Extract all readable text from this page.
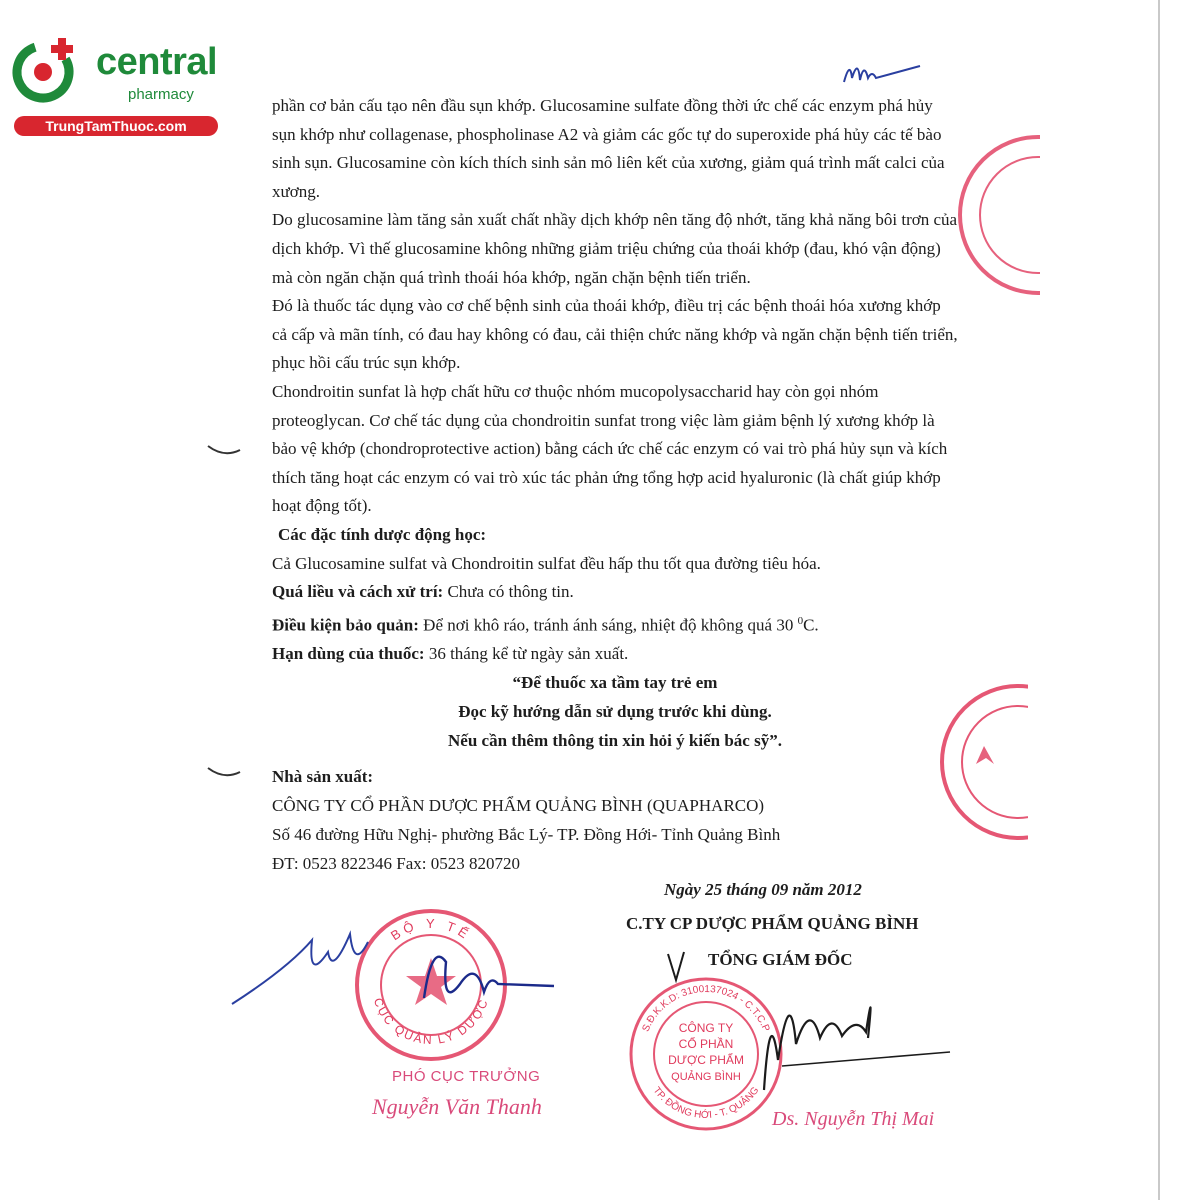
central
pharmacy
TrungTamThuoc.com

phần cơ bản cấu tạo nên đầu sụn khớp. Glucosamine sulfate đồng thời ức chế các enzym phá hủy sụn khớp như collagenase, phospholinase A2 và giảm các gốc tự do superoxide phá hủy các tế bào sinh sụn. Glucosamine còn kích thích sinh sản mô liên kết của xương, giảm quá trình mất calci của xương.

Do glucosamine làm tăng sản xuất chất nhầy dịch khớp nên tăng độ nhớt, tăng khả năng bôi trơn của dịch khớp. Vì thế glucosamine không những giảm triệu chứng của thoái khớp (đau, khó vận động) mà còn ngăn chặn quá trình thoái hóa khớp, ngăn chặn bệnh tiến triển.

Đó là thuốc tác dụng vào cơ chế bệnh sinh của thoái khớp, điều trị các bệnh thoái hóa xương khớp cả cấp và mãn tính, có đau hay không có đau, cải thiện chức năng khớp và ngăn chặn bệnh tiến triển, phục hồi cấu trúc sụn khớp.

Chondroitin sunfat là hợp chất hữu cơ thuộc nhóm mucopolysaccharid hay còn gọi nhóm proteoglycan. Cơ chế tác dụng của chondroitin sunfat trong việc làm giảm bệnh lý xương khớp là bảo vệ khớp (chondroprotective action) bằng cách ức chế các enzym có vai trò phá hủy sụn và kích thích tăng hoạt các enzym có vai trò xúc tác phản ứng tổng hợp acid hyaluronic (là chất giúp khớp hoạt động tốt).

Các đặc tính dược động học:

Cả Glucosamine sulfat và Chondroitin sulfat đều hấp thu tốt qua đường tiêu hóa.

Quá liều và cách xử trí: Chưa có thông tin.

Điều kiện bảo quản: Để nơi khô ráo, tránh ánh sáng, nhiệt độ không quá 30 $^0$C.

Hạn dùng của thuốc: 36 tháng kể từ ngày sản xuất.

“Để thuốc xa tầm tay trẻ em
Đọc kỹ hướng dẫn sử dụng trước khi dùng.
Nếu cần thêm thông tin xin hỏi ý kiến bác sỹ”.

Nhà sản xuất:

CÔNG TY CỔ PHẦN DƯỢC PHẨM QUẢNG BÌNH (QUAPHARCO)

Số 46 đường Hữu Nghị- phường Bắc Lý- TP. Đồng Hới- Tỉnh Quảng Bình

ĐT: 0523 822346 Fax: 0523 820720

Ngày 25 tháng 09 năm 2012
C.TY CP DƯỢC PHẨM QUẢNG BÌNH
TỔNG GIÁM ĐỐC
BỘ Y TẾ
CỤC QUẢN LÝ DƯỢC
PHÓ CỤC TRƯỞNG
Nguyễn Văn Thanh
S.Đ.K.K.D: 3100137024 - C.T.C.P
TP. ĐỒNG HỚI - T. QUẢNG
CÔNG TY
CỔ PHẦN
DƯỢC PHẨM
QUẢNG BÌNH
Ds. Nguyễn Thị Mai
